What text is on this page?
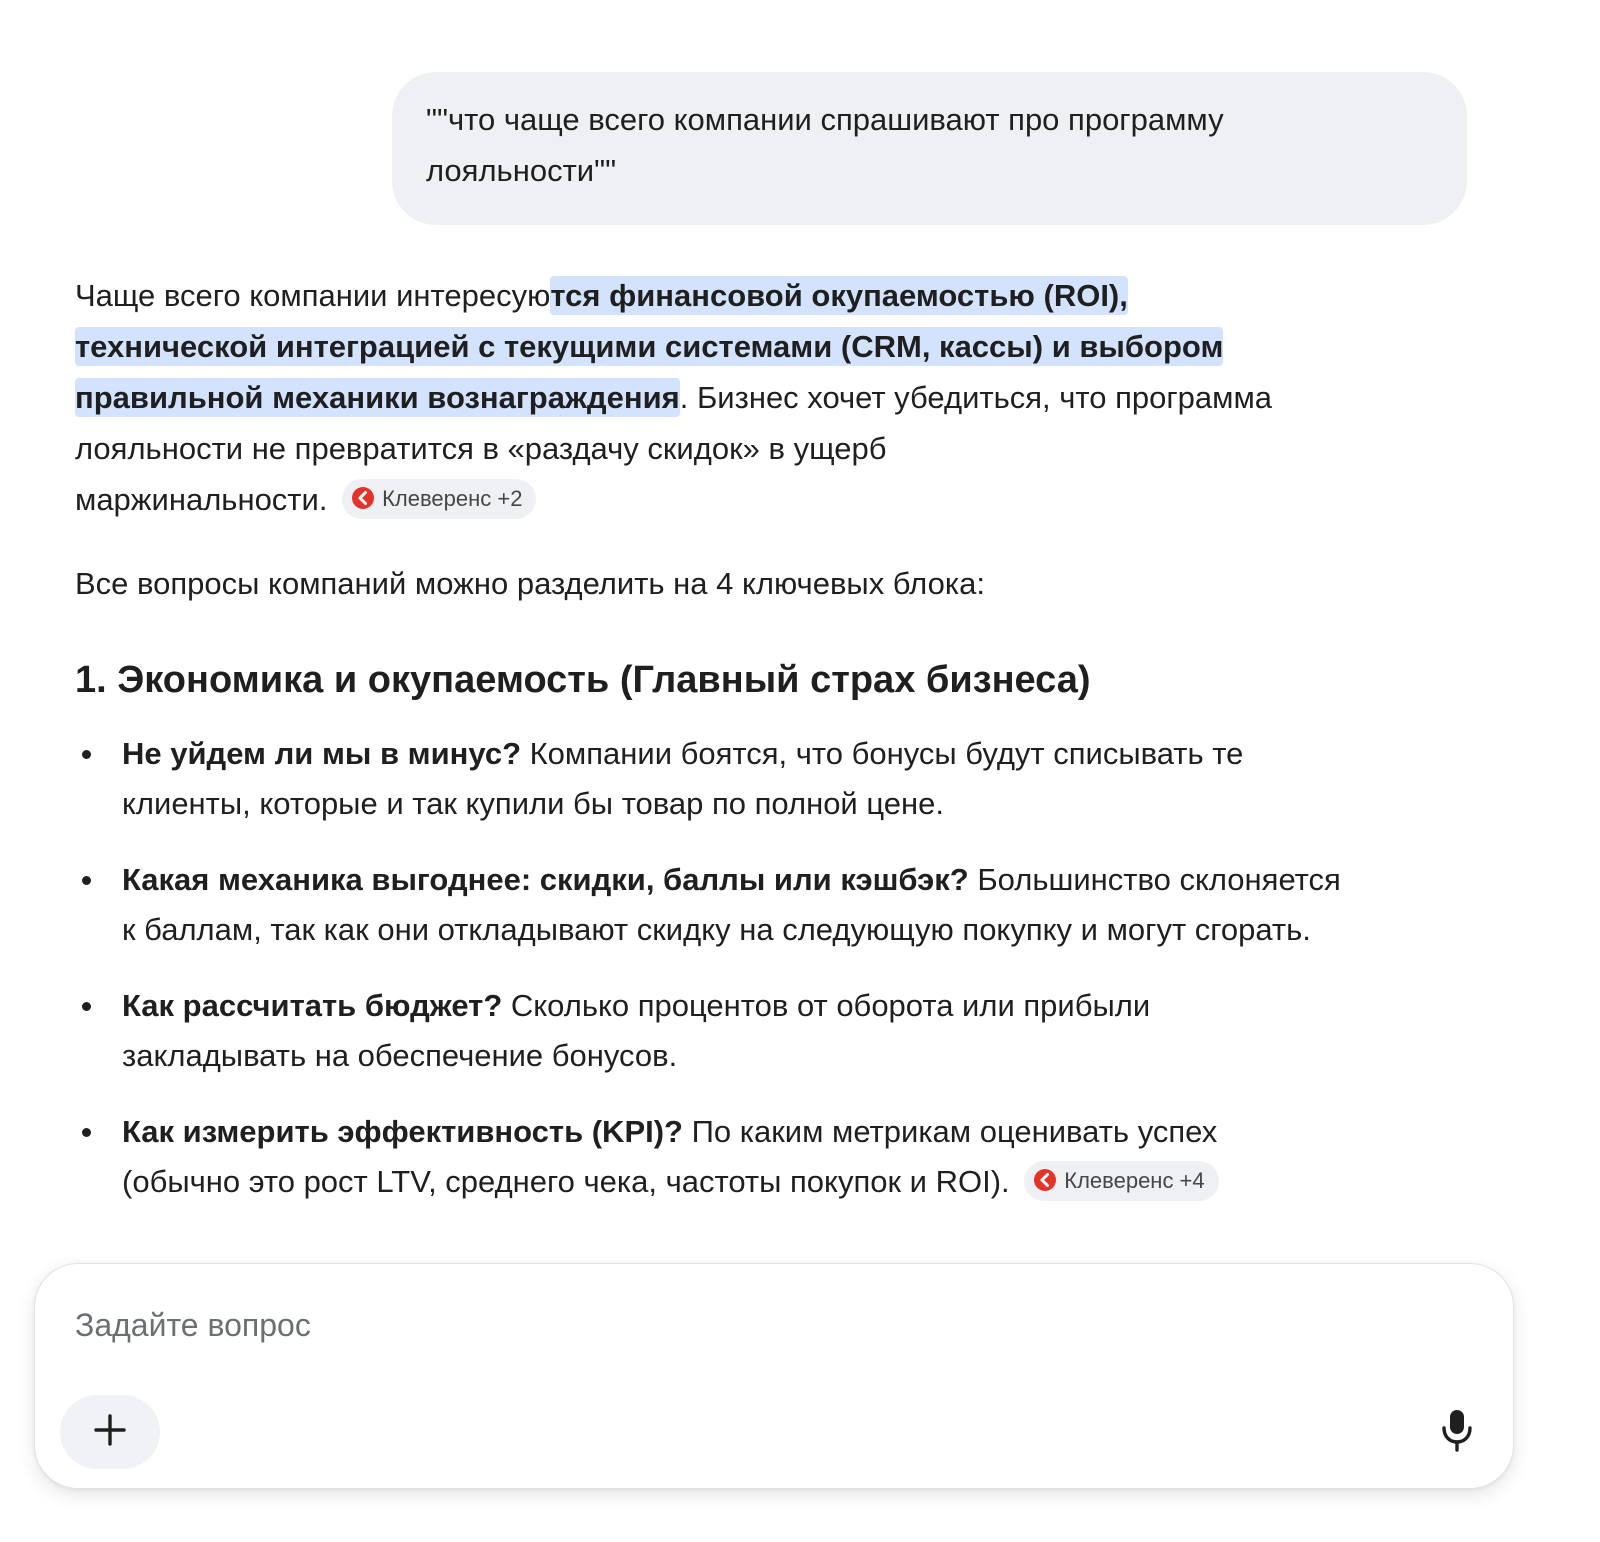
""что чаще всего компании спрашивают про программу
лояльности""

Чаще всего компании интересуются финансовой окупаемостью (ROI),
технической интеграцией с текущими системами (CRM, кассы) и выбором
правильной механики вознаграждения. Бизнес хочет убедиться, что программа
лояльности не превратится в «раздачу скидок» в ущерб
маржинальности. Клеверенс +2

Все вопросы компаний можно разделить на 4 ключевых блока:

1. Экономика и окупаемость (Главный страх бизнеса)
Не уйдем ли мы в минус? Компании боятся, что бонусы будут списывать те
клиенты, которые и так купили бы товар по полной цене.
Какая механика выгоднее: скидки, баллы или кэшбэк? Большинство склоняется
к баллам, так как они откладывают скидку на следующую покупку и могут сгорать.
Как рассчитать бюджет? Сколько процентов от оборота или прибыли
закладывать на обеспечение бонусов.
Как измерить эффективность (KPI)? По каким метрикам оценивать успех
(обычно это рост LTV, среднего чека, частоты покупок и ROI). Клеверенс +4
Задайте вопрос
